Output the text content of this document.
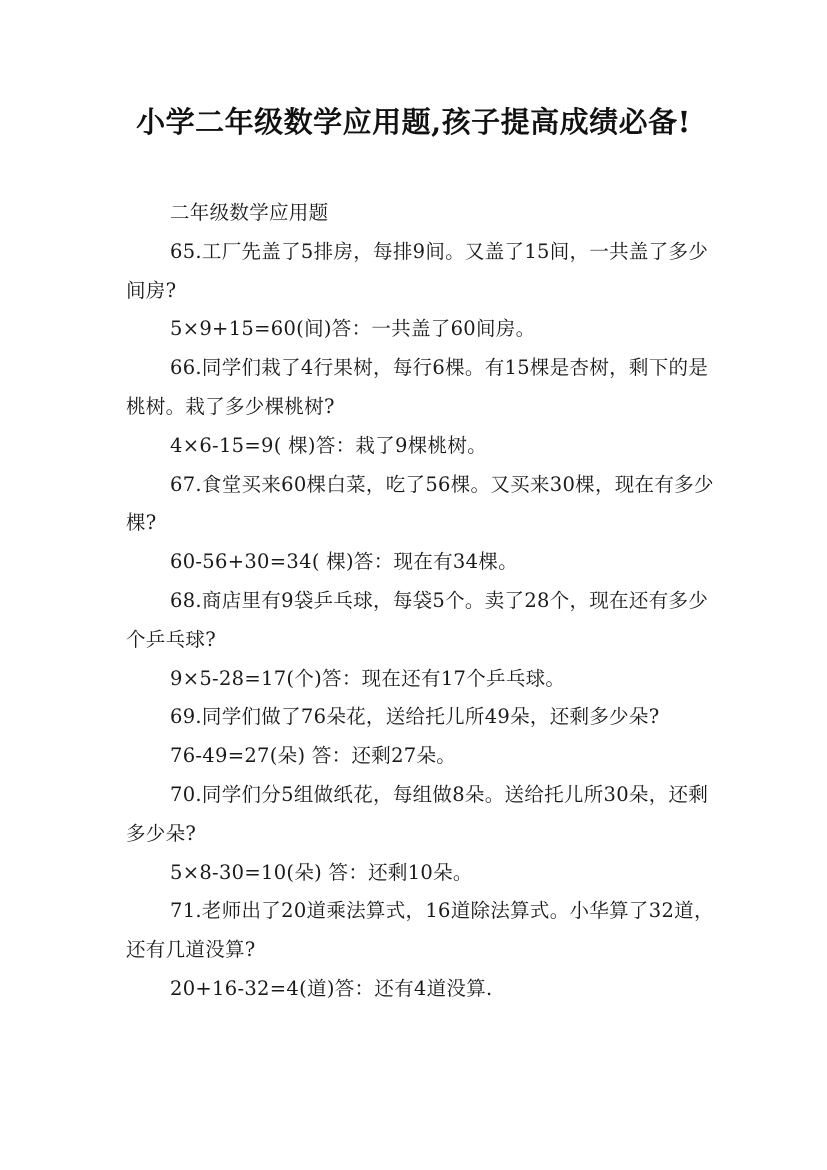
小学二年级数学应用题,孩子提高成绩必备!

二年级数学应用题

65.工厂先盖了5排房，每排9间。又盖了15间，一共盖了多少间房?

5×9+15=60(间)答：一共盖了60间房。

66.同学们栽了4行果树，每行6棵。有15棵是杏树，剩下的是桃树。栽了多少棵桃树?

4×6-15=9( 棵)答：栽了9棵桃树。

67.食堂买来60棵白菜，吃了56棵。又买来30棵，现在有多少棵?

60-56+30=34( 棵)答：现在有34棵。

68.商店里有9袋乒乓球，每袋5个。卖了28个，现在还有多少个乒乓球?

9×5-28=17(个)答：现在还有17个乒乓球。

69.同学们做了76朵花，送给托儿所49朵，还剩多少朵?

76-49=27(朵) 答：还剩27朵。

70.同学们分5组做纸花，每组做8朵。送给托儿所30朵，还剩多少朵?

5×8-30=10(朵) 答：还剩10朵。

71.老师出了20道乘法算式，16道除法算式。小华算了32道，还有几道没算?

20+16-32=4(道)答：还有4道没算.
